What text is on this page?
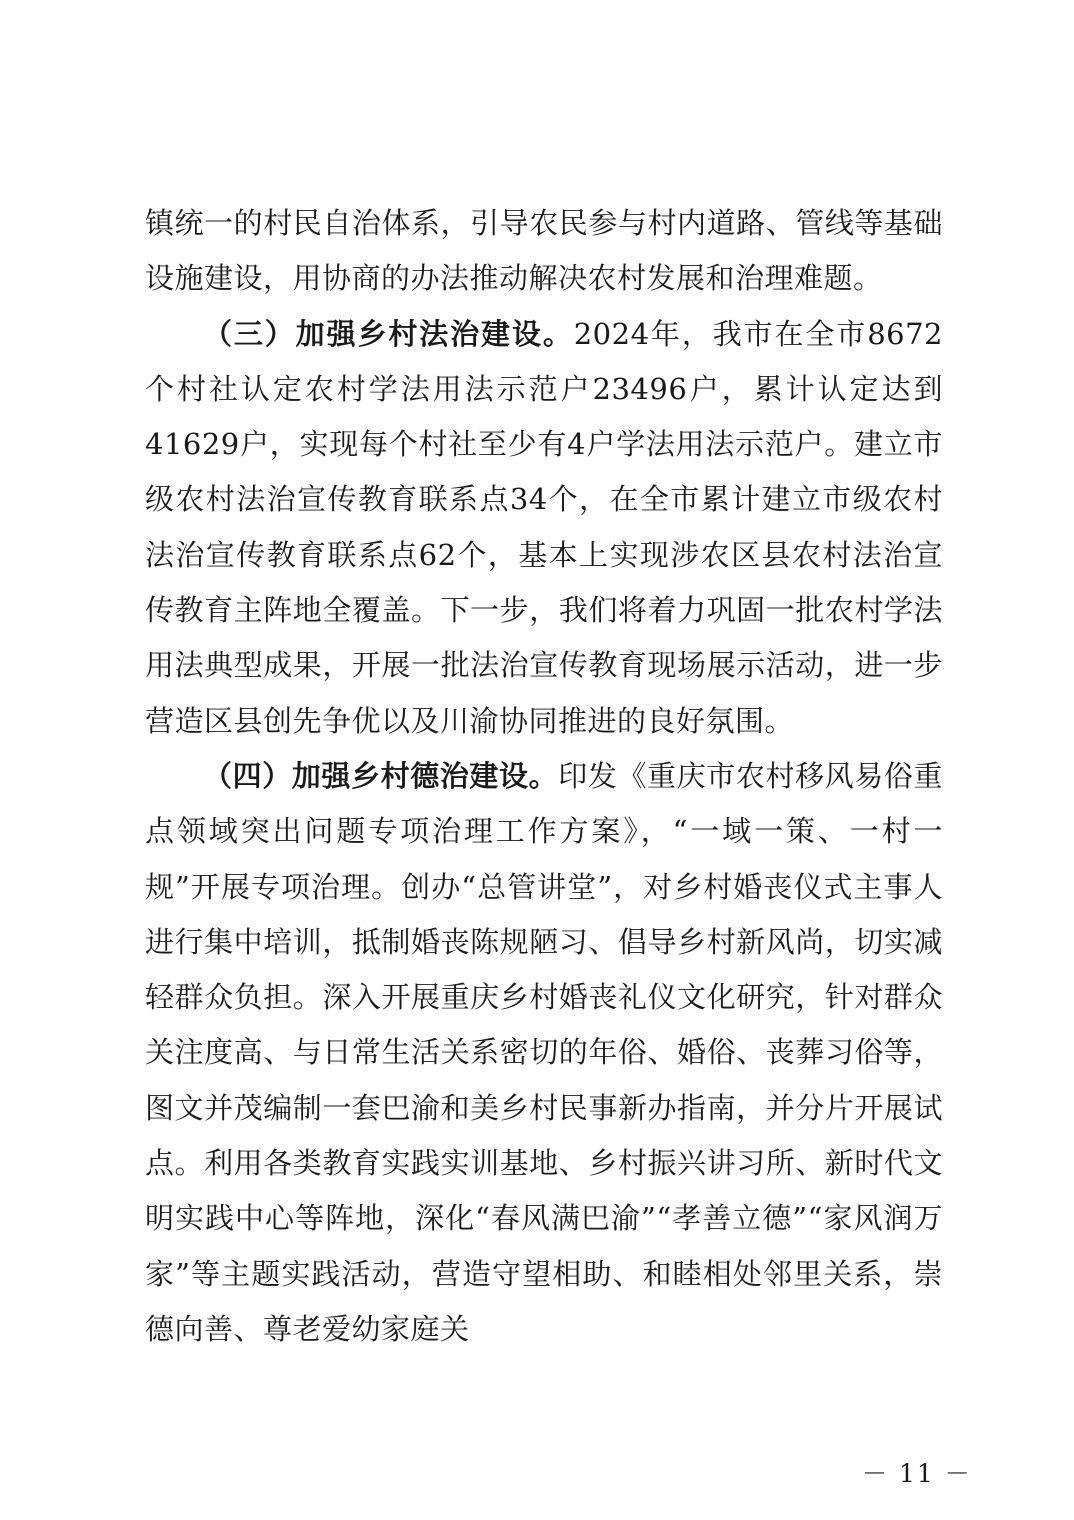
镇统一的村民自治体系，引导农民参与村内道路、管线等基础设施建设，用协商的办法推动解决农村发展和治理难题。

（三）加强乡村法治建设。2024年，我市在全市8672个村社认定农村学法用法示范户23496户，累计认定达到41629户，实现每个村社至少有4户学法用法示范户。建立市级农村法治宣传教育联系点34个，在全市累计建立市级农村法治宣传教育联系点62个，基本上实现涉农区县农村法治宣传教育主阵地全覆盖。下一步，我们将着力巩固一批农村学法用法典型成果，开展一批法治宣传教育现场展示活动，进一步营造区县创先争优以及川渝协同推进的良好氛围。

（四）加强乡村德治建设。印发《重庆市农村移风易俗重点领域突出问题专项治理工作方案》，“一域一策、一村一规”开展专项治理。创办“总管讲堂”，对乡村婚丧仪式主事人进行集中培训，抵制婚丧陈规陋习、倡导乡村新风尚，切实减轻群众负担。深入开展重庆乡村婚丧礼仪文化研究，针对群众关注度高、与日常生活关系密切的年俗、婚俗、丧葬习俗等，图文并茂编制一套巴渝和美乡村民事新办指南，并分片开展试点。利用各类教育实践实训基地、乡村振兴讲习所、新时代文明实践中心等阵地，深化“春风满巴渝”“孝善立德”“家风润万家”等主题实践活动，营造守望相助、和睦相处邻里关系，崇德向善、尊老爱幼家庭关

－ 11 －
